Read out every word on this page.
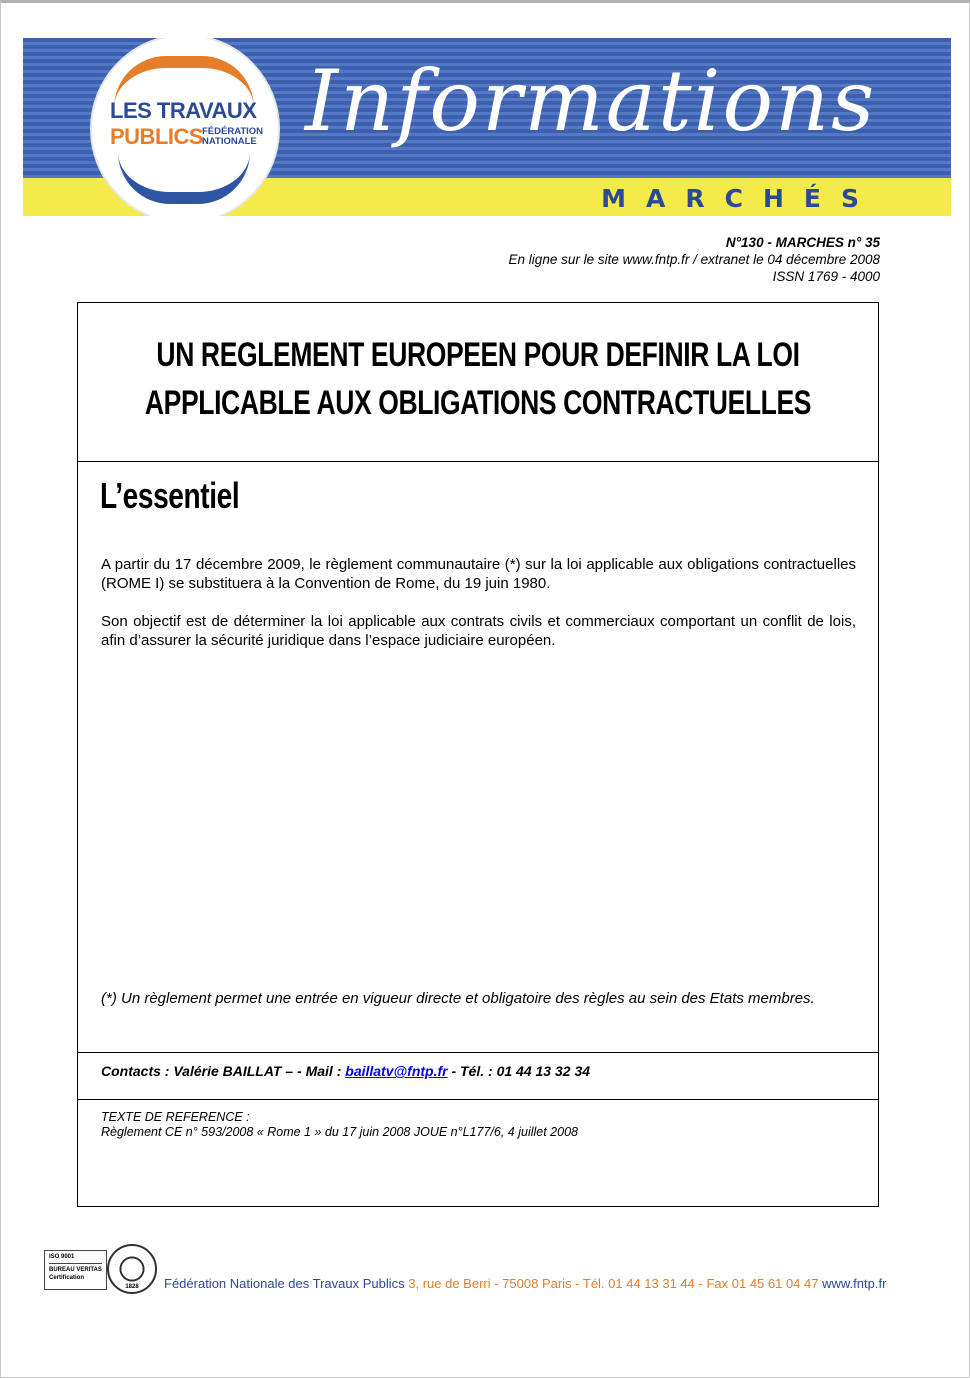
Informations
MARCHÉS
LES TRAVAUX
PUBLICS
FÉDÉRATION
NATIONALE
N°130 - MARCHES n° 35
En ligne sur le site www.fntp.fr / extranet le 04 décembre 2008
ISSN 1769 - 4000
UN REGLEMENT EUROPEEN POUR DEFINIR LA LOI
APPLICABLE AUX OBLIGATIONS CONTRACTUELLES
L’essentiel
A partir du 17 décembre 2009, le règlement communautaire (*) sur la loi applicable aux obligations contractuelles (ROME I) se substituera à la Convention de Rome, du 19 juin 1980.
Son objectif est de déterminer la loi applicable aux contrats civils et commerciaux comportant un conflit de lois, afin d’assurer la sécurité juridique dans l’espace judiciaire européen.
(*) Un règlement permet une entrée en vigueur directe et obligatoire des règles au sein des Etats membres.
Contacts : Valérie BAILLAT – - Mail : baillatv@fntp.fr - Tél. : 01 44 13 32 34
TEXTE DE REFERENCE :
Règlement CE n° 593/2008 « Rome 1 » du 17 juin 2008 JOUE n°L177/6, 4 juillet 2008
ISO 9001
BUREAU VERITAS
Certification
1828	Fédération Nationale des Travaux Publics 3, rue de Berri - 75008 Paris - Tél. 01 44 13 31 44 - Fax 01 45 61 04 47 www.fntp.fr
